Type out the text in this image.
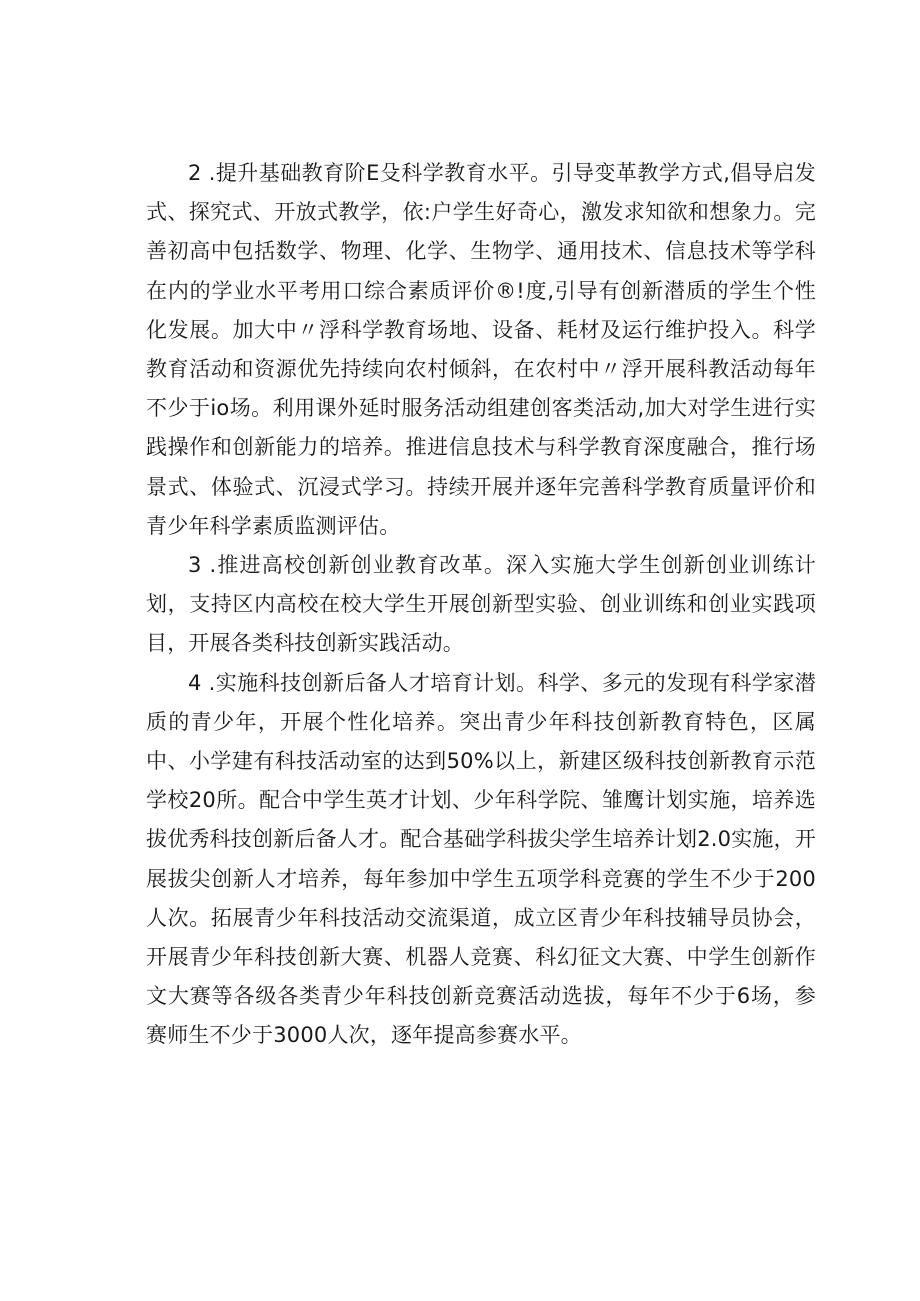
2 .提升基础教育阶E殳科学教育水平。引导变革教学方式,倡导启发式、探究式、开放式教学，依:户学生好奇心，激发求知欲和想象力。完善初高中包括数学、物理、化学、生物学、通用技术、信息技术等学科在内的学业水平考用口综合素质评价®!度,引导有创新潜质的学生个性化发展。加大中〃浮科学教育场地、设备、耗材及运行维护投入。科学教育活动和资源优先持续向农村倾斜，在农村中〃浮开展科教活动每年不少于io场。利用课外延时服务活动组建创客类活动,加大对学生进行实践操作和创新能力的培养。推进信息技术与科学教育深度融合，推行场景式、体验式、沉浸式学习。持续开展并逐年完善科学教育质量评价和青少年科学素质监测评估。

3 .推进高校创新创业教育改革。深入实施大学生创新创业训练计划，支持区内高校在校大学生开展创新型实验、创业训练和创业实践项目，开展各类科技创新实践活动。

4 .实施科技创新后备人才培育计划。科学、多元的发现有科学家潜质的青少年，开展个性化培养。突出青少年科技创新教育特色，区属中、小学建有科技活动室的达到50%以上，新建区级科技创新教育示范学校20所。配合中学生英才计划、少年科学院、雏鹰计划实施，培养选拔优秀科技创新后备人才。配合基础学科拔尖学生培养计划2.0实施，开展拔尖创新人才培养，每年参加中学生五项学科竞赛的学生不少于200人次。拓展青少年科技活动交流渠道，成立区青少年科技辅导员协会，开展青少年科技创新大赛、机器人竞赛、科幻征文大赛、中学生创新作文大赛等各级各类青少年科技创新竞赛活动选拔，每年不少于6场，参赛师生不少于3000人次，逐年提高参赛水平。
